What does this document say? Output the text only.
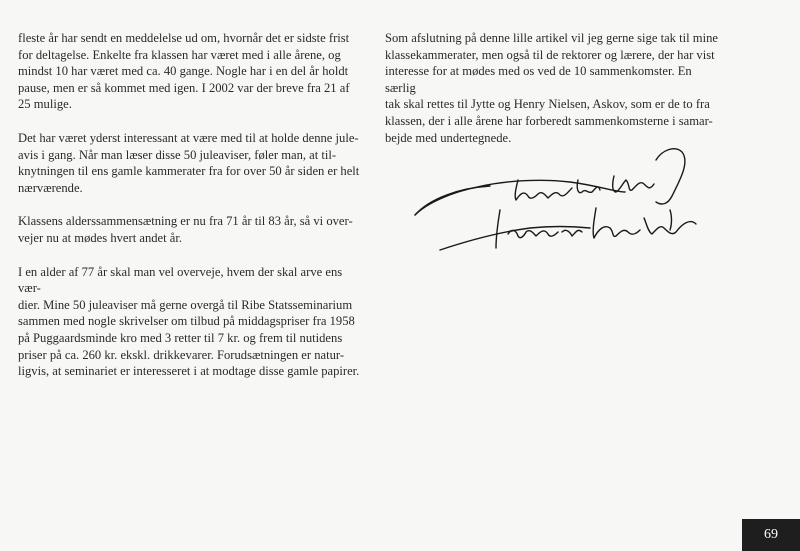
fleste år har sendt en meddelelse ud om, hvornår det er sidste frist
for deltagelse. Enkelte fra klassen har været med i alle årene, og
mindst 10 har været med ca. 40 gange. Nogle har i en del år holdt
pause, men er så kommet med igen. I 2002 var der breve fra 21 af
25 mulige.

Det har været yderst interessant at være med til at holde denne jule-
avis i gang. Når man læser disse 50 juleaviser, føler man, at til-
knytningen til ens gamle kammerater fra for over 50 år siden er helt
nærværende.

Klassens alderssammensætning er nu fra 71 år til 83 år, så vi over-
vejer nu at mødes hvert andet år.

I en alder af 77 år skal man vel overveje, hvem der skal arve ens vær-
dier. Mine 50 juleaviser må gerne overgå til Ribe Statsseminarium
sammen med nogle skrivelser om tilbud på middagspriser fra 1958
på Puggaardsminde kro med 3 retter til 7 kr. og frem til nutidens
priser på ca. 260 kr. ekskl. drikkevarer. Forudsætningen er natur-
ligvis, at seminariet er interesseret i at modtage disse gamle papirer.

Som afslutning på denne lille artikel vil jeg gerne sige tak til mine
klassekammerater, men også til de rektorer og lærere, der har vist
interesse for at mødes med os ved de 10 sammenkomster. En særlig
tak skal rettes til Jytte og Henry Nielsen, Askov, som er de to fra
klassen, der i alle årene har forberedt sammenkomsterne i samar-
bejde med undertegnede.

69
